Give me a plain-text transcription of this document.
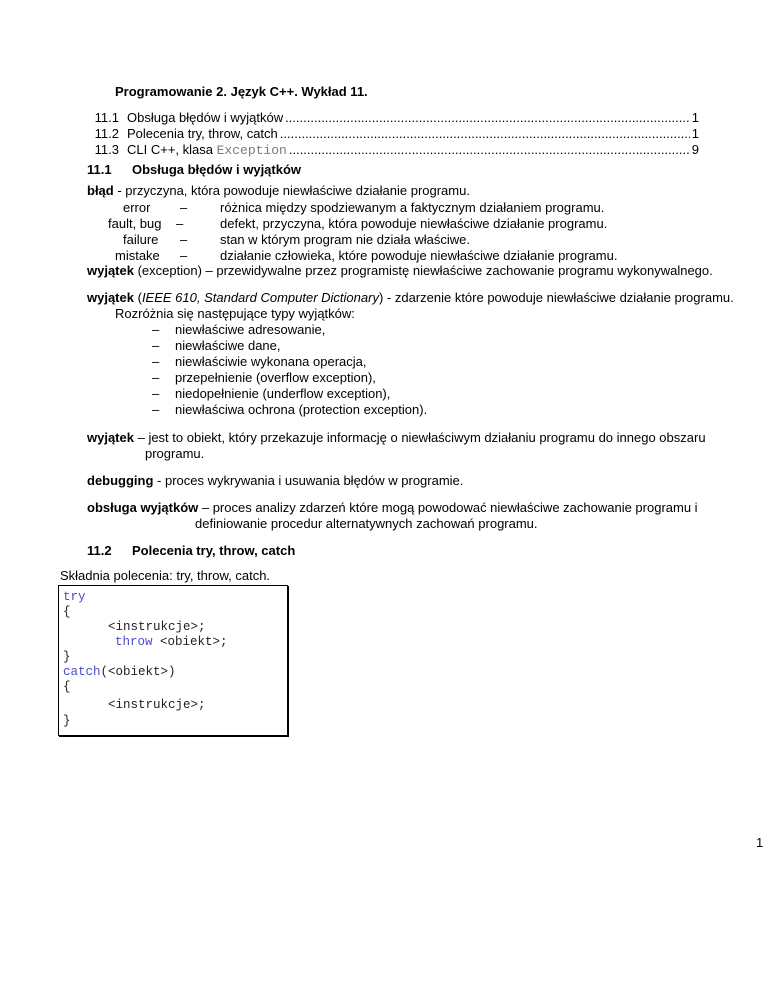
Programowanie 2. Język C++. Wykład 11.
11.1 Obsługa błędów i wyjątków .....	1
11.2 Polecenia try, throw, catch .....	1
11.3 CLI C++, klasa Exception .....	9
11.1 Obsługa błędów i wyjątków
błąd - przyczyna, która powoduje niewłaściwe działanie programu.
error –	różnica między spodziewanym a faktycznym działaniem programu.
fault, bug –	defekt, przyczyna, która powoduje niewłaściwe działanie programu.
failure –	stan w którym program nie działa właściwe.
mistake –	działanie człowieka, które powoduje niewłaściwe działanie programu.
wyjątek (exception) – przewidywalne przez programistę niewłaściwe zachowanie programu wykonywalnego.
wyjątek (IEEE 610, Standard Computer Dictionary) - zdarzenie które powoduje niewłaściwe działanie programu.
Rozróżnia się następujące typy wyjątków:
– niewłaściwe adresowanie,
– niewłaściwe dane,
– niewłaściwie wykonana operacja,
– przepełnienie (overflow exception),
– niedopełnienie (underflow exception),
– niewłaściwa ochrona (protection exception).
wyjątek – jest to obiekt, który przekazuje informację o niewłaściwym działaniu programu do innego obszaru
programu.
debugging - proces wykrywania i usuwania błędów w programie.
obsługa wyjątków – proces analizy zdarzeń które mogą powodować niewłaściwe zachowanie programu i
definiowanie procedur alternatywnych zachowań programu.
11.2 Polecenia try, throw, catch
Składnia polecenia: try, throw, catch.
try
{
<instrukcje>;
throw <obiekt>;
}
catch(<obiekt>)
{
<instrukcje>;
}
1
